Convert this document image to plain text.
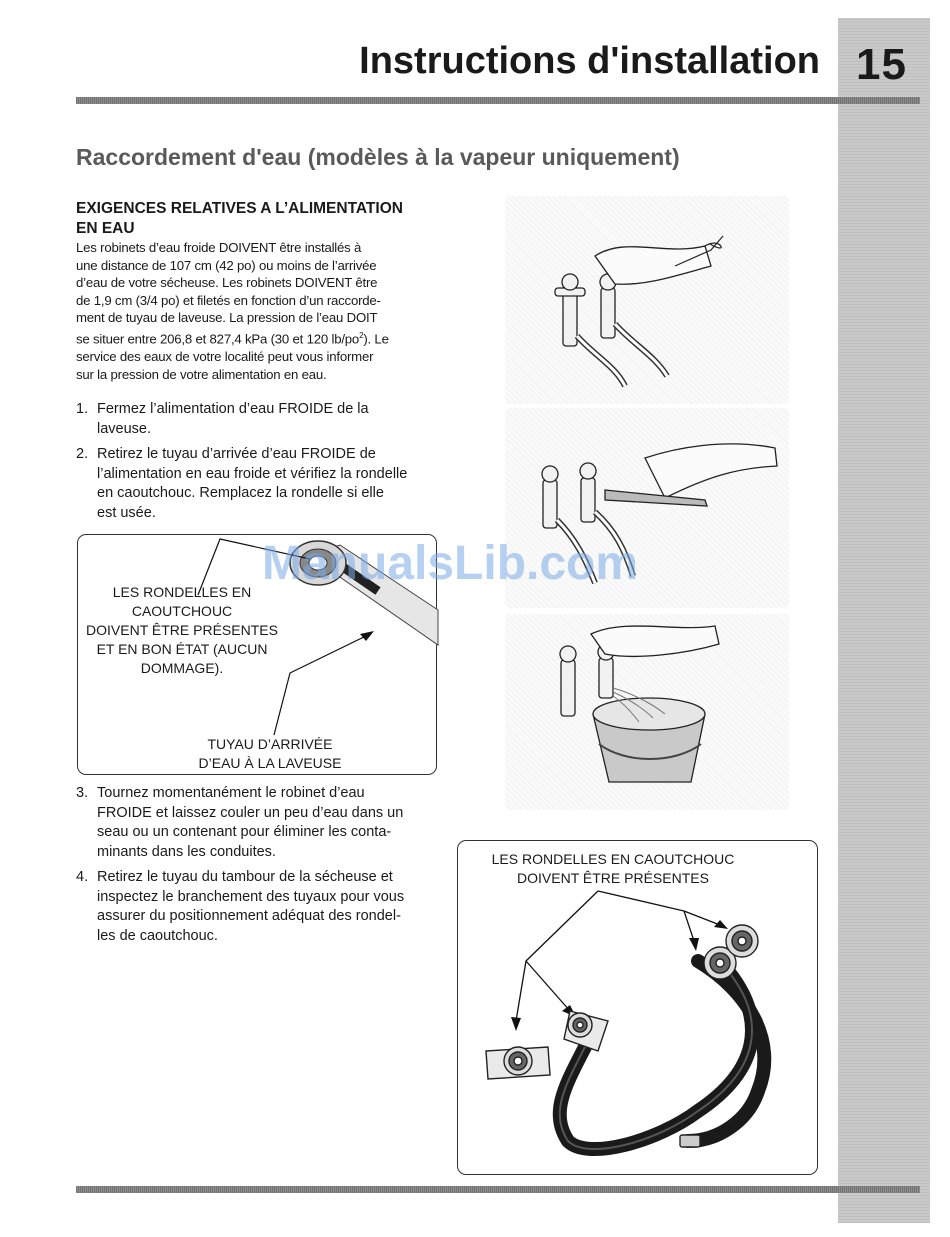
15
Instructions d'installation
Raccordement d'eau (modèles à la vapeur uniquement)
EXIGENCES RELATIVES A L’ALIMENTATION
EN EAU
Les robinets d’eau froide DOIVENT être installés à
une distance de 107 cm (42 po) ou moins de l’arrivée
d’eau de votre sécheuse. Les robinets DOIVENT être
de 1,9 cm (3/4 po) et filetés en fonction d’un raccorde-
ment de tuyau de laveuse. La pression de l’eau DOIT
se situer entre 206,8 et 827,4 kPa (30 et 120 $lb/po^2$). Le
service des eaux de votre localité peut vous informer
sur la pression de votre alimentation en eau.
1. Fermez l’alimentation d’eau FROIDE de la
laveuse.
2. Retirez le tuyau d’arrivée d’eau FROIDE de
l’alimentation en eau froide et vérifiez la rondelle
en caoutchouc. Remplacez la rondelle si elle
est usée.
LES RONDELLES EN
CAOUTCHOUC
DOIVENT ÊTRE PRÉSENTES
ET EN BON ÉTAT (AUCUN
DOMMAGE).
TUYAU D’ARRIVÉE
D’EAU À LA LAVEUSE
3. Tournez momentanément le robinet d’eau
FROIDE et laissez couler un peu d’eau dans un
seau ou un contenant pour éliminer les conta-
minants dans les conduites.
4. Retirez le tuyau du tambour de la sécheuse et
inspectez le branchement des tuyaux pour vous
assurer du positionnement adéquat des rondel-
les de caoutchouc.
LES RONDELLES EN CAOUTCHOUC
DOIVENT ÊTRE PRÉSENTES
ManualsLib.com
